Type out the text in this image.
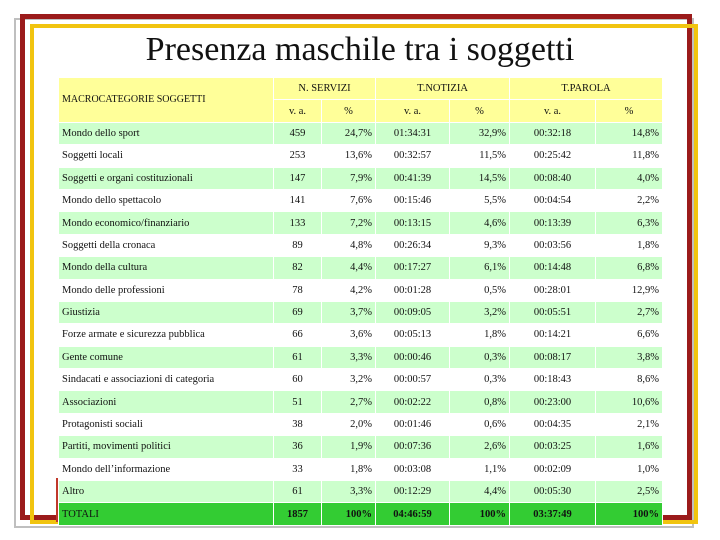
Presenza maschile tra i soggetti
MACROCATEGORIE SOGGETTI	N. SERVIZI		T.NOTIZIA		T.PAROLA	
	v. a.	%	v. a.	%	v. a.	%
Mondo dello sport	459	24,7%	01:34:31	32,9%	00:32:18	14,8%
Soggetti locali	253	13,6%	00:32:57	11,5%	00:25:42	11,8%
Soggetti e organi costituzionali	147	7,9%	00:41:39	14,5%	00:08:40	4,0%
Mondo dello spettacolo	141	7,6%	00:15:46	5,5%	00:04:54	2,2%
Mondo economico/finanziario	133	7,2%	00:13:15	4,6%	00:13:39	6,3%
Soggetti della cronaca	89	4,8%	00:26:34	9,3%	00:03:56	1,8%
Mondo della cultura	82	4,4%	00:17:27	6,1%	00:14:48	6,8%
Mondo delle professioni	78	4,2%	00:01:28	0,5%	00:28:01	12,9%
Giustizia	69	3,7%	00:09:05	3,2%	00:05:51	2,7%
Forze armate e sicurezza pubblica	66	3,6%	00:05:13	1,8%	00:14:21	6,6%
Gente comune	61	3,3%	00:00:46	0,3%	00:08:17	3,8%
Sindacati e associazioni di categoria	60	3,2%	00:00:57	0,3%	00:18:43	8,6%
Associazioni	51	2,7%	00:02:22	0,8%	00:23:00	10,6%
Protagonisti sociali	38	2,0%	00:01:46	0,6%	00:04:35	2,1%
Partiti, movimenti politici	36	1,9%	00:07:36	2,6%	00:03:25	1,6%
Mondo dell’informazione	33	1,8%	00:03:08	1,1%	00:02:09	1,0%
Altro	61	3,3%	00:12:29	4,4%	00:05:30	2,5%
TOTALI	1857	100%	04:46:59	100%	03:37:49	100%
